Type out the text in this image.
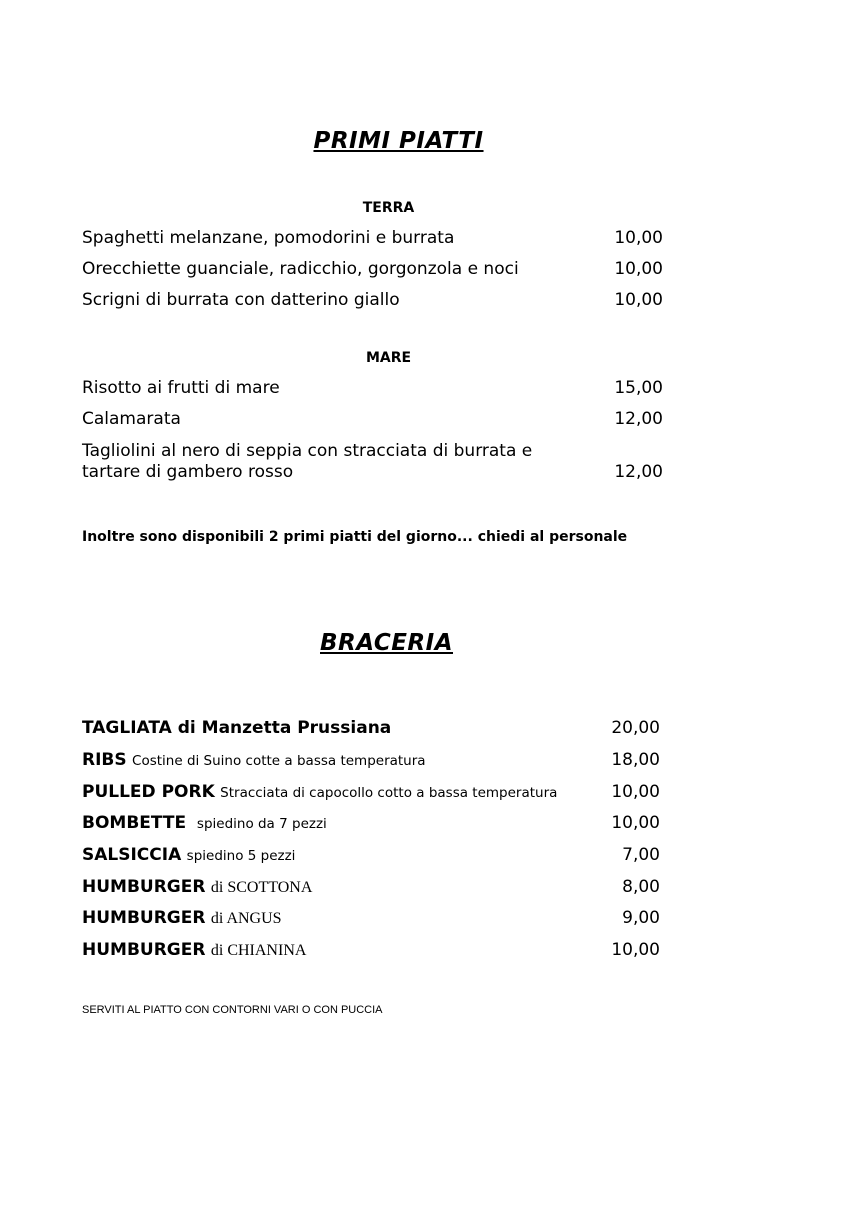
PRIMI PIATTI
TERRA
Spaghetti melanzane, pomodorini e burrata	10,00
Orecchiette guanciale, radicchio, gorgonzola e noci	10,00
Scrigni di burrata con datterino giallo	10,00
MARE
Risotto ai frutti di mare	15,00
Calamarata	12,00
Tagliolini al nero di seppia con stracciata di burrata e
tartare di gambero rosso	12,00
Inoltre sono disponibili 2 primi piatti del giorno... chiedi al personale
BRACERIA
TAGLIATA di Manzetta Prussiana	20,00
RIBS Costine di Suino cotte a bassa temperatura	18,00
PULLED PORK Stracciata di capocollo cotto a bassa temperatura	10,00
BOMBETTE spiedino da 7 pezzi	10,00
SALSICCIA spiedino 5 pezzi	7,00
HUMBURGER di SCOTTONA	8,00
HUMBURGER di ANGUS	9,00
HUMBURGER di CHIANINA	10,00
SERVITI AL PIATTO CON CONTORNI VARI O CON PUCCIA
